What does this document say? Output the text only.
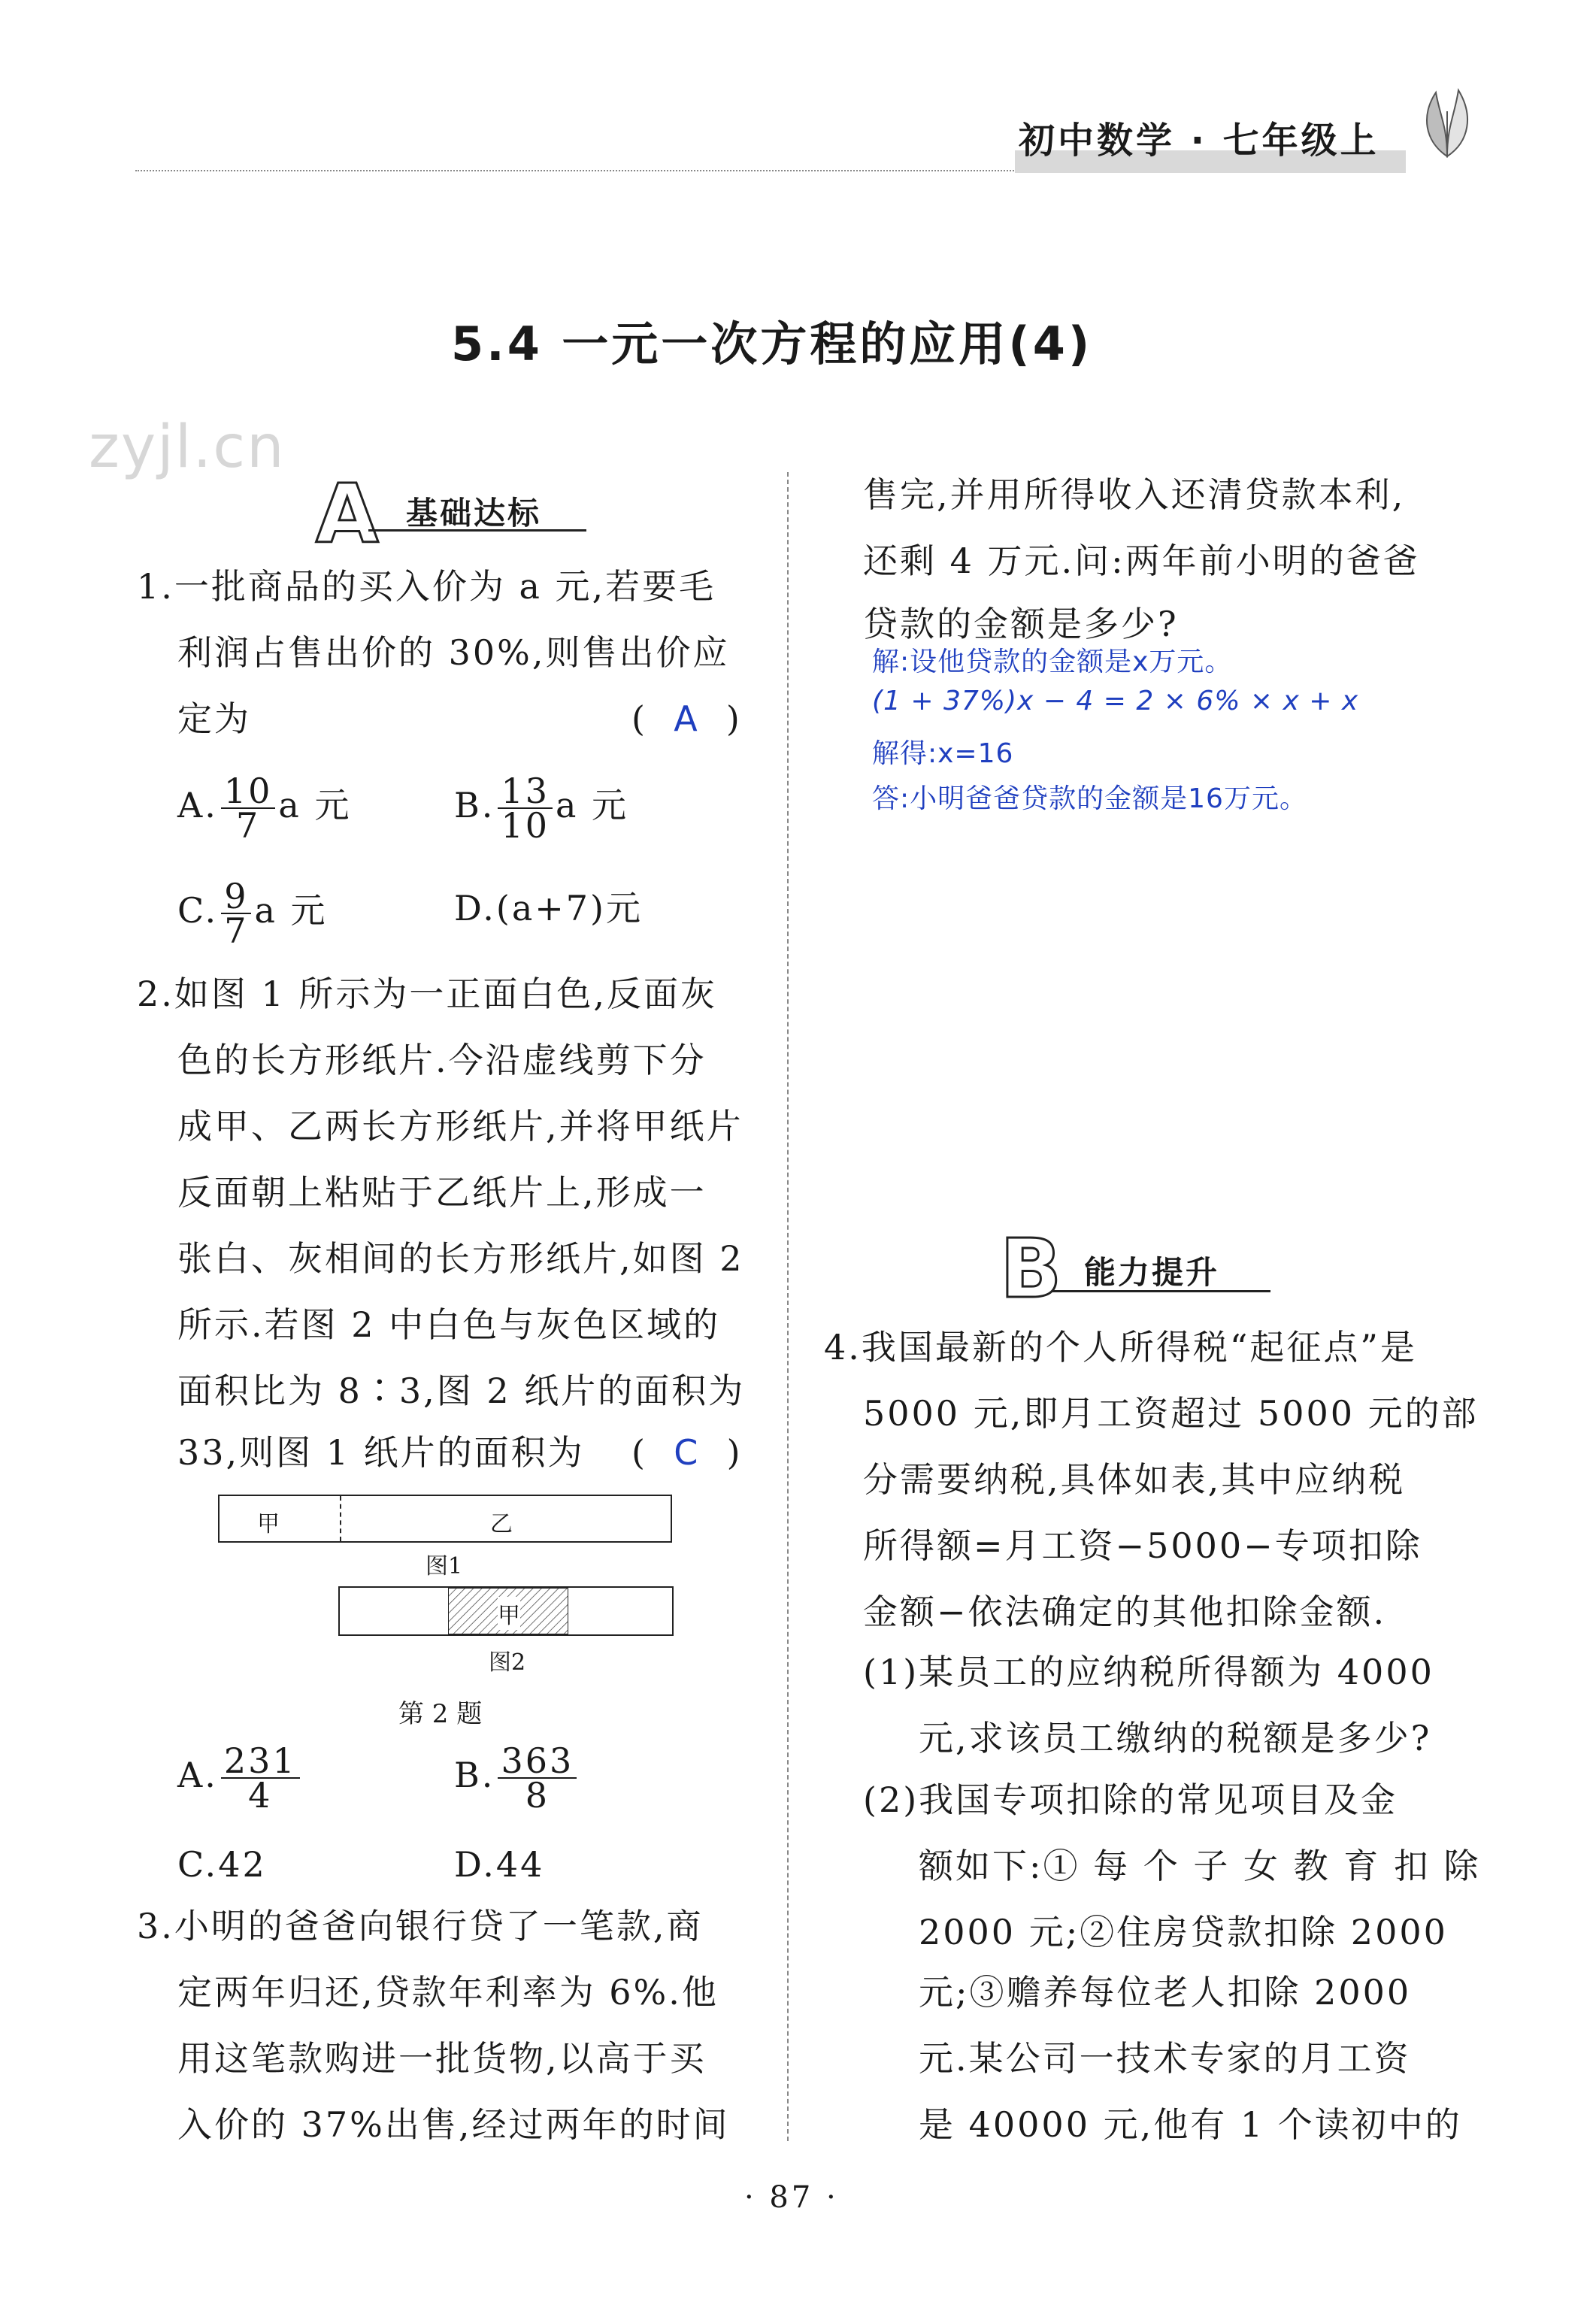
初中数学 · 七年级上
5.4 一元一次方程的应用(4)
zyjl.cn
A 基础达标
1.一批商品的买入价为 a 元,若要毛
利润占售出价的 30%,则售出价应
定为	(  A  )
A. $\frac{10}{7}$ a 元	B. $\frac{13}{10}$ a 元
C. $\frac{9}{7}$ a 元	D.(a+7)元
2.如图 1 所示为一正面白色,反面灰
色的长方形纸片.今沿虚线剪下分
成甲、乙两长方形纸片,并将甲纸片
反面朝上粘贴于乙纸片上,形成一
张白、灰相间的长方形纸片,如图 2
所示.若图 2 中白色与灰色区域的
面积比为 8∶3,图 2 纸片的面积为
33,则图 1 纸片的面积为 (  C  )
甲	乙
图1
甲
图2
第 2 题
A. $\frac{231}{4}$	B. $\frac{363}{8}$
C.42	D.44
3.小明的爸爸向银行贷了一笔款,商
定两年归还,贷款年利率为 6%.他
用这笔款购进一批货物,以高于买
入价的 37%出售,经过两年的时间
售完,并用所得收入还清贷款本利,
还剩 4 万元.问:两年前小明的爸爸
贷款的金额是多少?
解:设他贷款的金额是x万元。
(1 + 37%)x − 4 = 2 × 6% × x + x
解得:x=16
答:小明爸爸贷款的金额是16万元。
B 能力提升
4.我国最新的个人所得税“起征点”是
5000 元,即月工资超过 5000 元的部
分需要纳税,具体如表,其中应纳税
所得额=月工资−5000−专项扣除
金额−依法确定的其他扣除金额.
(1)某员工的应纳税所得额为 4000
元,求该员工缴纳的税额是多少?
(2)我国专项扣除的常见项目及金
额如下:① 每 个 子 女 教 育 扣 除
2000 元;②住房贷款扣除 2000
元;③赡养每位老人扣除 2000
元.某公司一技术专家的月工资
是 40000 元,他有 1 个读初中的
· 87 ·
